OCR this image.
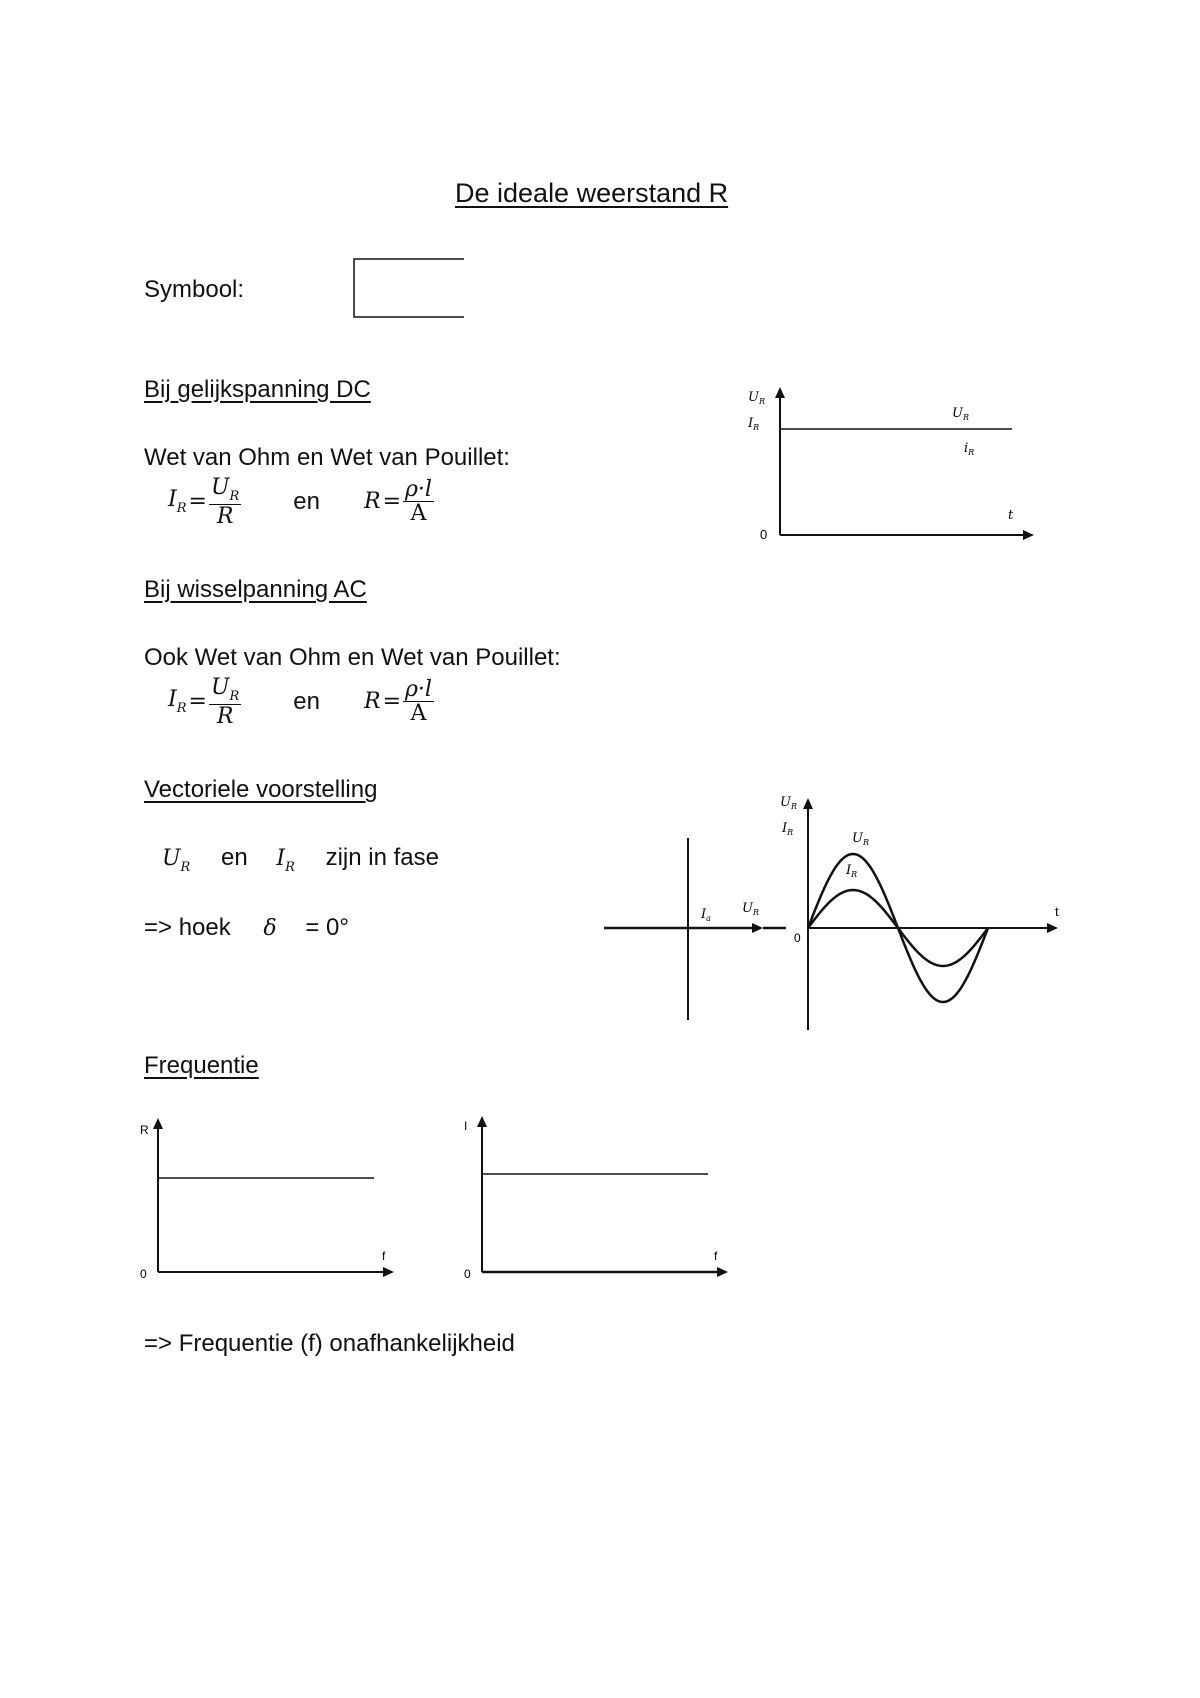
De ideale weerstand R
Symbool:
Bij gelijkspanning DC
Wet van Ohm en Wet van Pouillet:
$I_R = \frac{U_R}{R}$ en $R = \frac{\rho\cdot l}{A}$
$U_R$
$I_R$
$U_R$
$i_R$
t
0
Bij wisselpanning AC
Ook Wet van Ohm en Wet van Pouillet:
$I_R = \frac{U_R}{R}$ en $R = \frac{\rho\cdot l}{A}$
Vectoriele voorstelling
$U_R$ en $I_R$ zijn in fase
=> hoek δ = 0°	$I_a$
$U_R$
$U_R$
$I_R$	$U_R$
$I_R$
t
0
Frequentie
R
f
0
I
f
0
=> Frequentie (f) onafhankelijkheid
